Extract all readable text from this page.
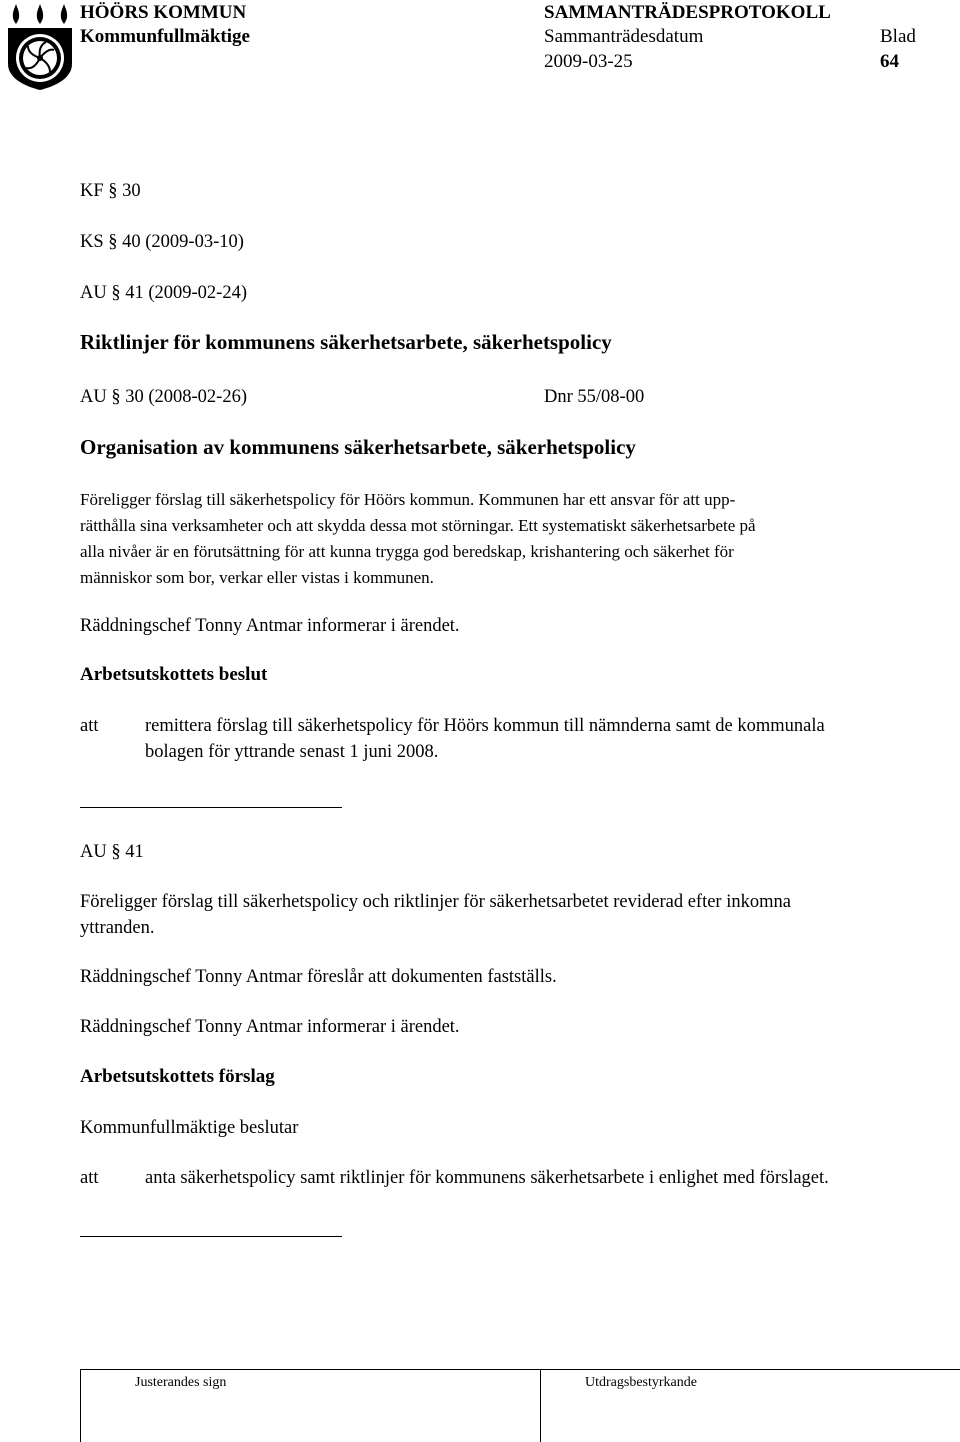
HÖÖRS KOMMUN
Kommunfullmäktige
SAMMANTRÄDESPROTOKOLL
Sammanträdesdatum
2009-03-25
Blad
64
KF § 30
KS § 40 (2009-03-10)
AU § 41 (2009-02-24)
Riktlinjer för kommunens säkerhetsarbete, säkerhetspolicy
AU § 30 (2008-02-26)	Dnr 55/08-00
Organisation av kommunens säkerhetsarbete, säkerhetspolicy
Föreligger förslag till säkerhetspolicy för Höörs kommun. Kommunen har ett ansvar för att upp-
rätthålla sina verksamheter och att skydda dessa mot störningar. Ett systematiskt säkerhetsarbete på
alla nivåer är en förutsättning för att kunna trygga god beredskap, krishantering och säkerhet för
människor som bor, verkar eller vistas i kommunen.
Räddningschef Tonny Antmar informerar i ärendet.
Arbetsutskottets beslut
att	remittera förslag till säkerhetspolicy för Höörs kommun till nämnderna samt de kommunala
bolagen för yttrande senast 1 juni 2008.
AU § 41
Föreligger förslag till säkerhetspolicy och riktlinjer för säkerhetsarbetet reviderad efter inkomna
yttranden.
Räddningschef Tonny Antmar föreslår att dokumenten fastställs.
Räddningschef Tonny Antmar informerar i ärendet.
Arbetsutskottets förslag
Kommunfullmäktige beslutar
att	anta säkerhetspolicy samt riktlinjer för kommunens säkerhetsarbete i enlighet med förslaget.
Justerandes sign	Utdragsbestyrkande
